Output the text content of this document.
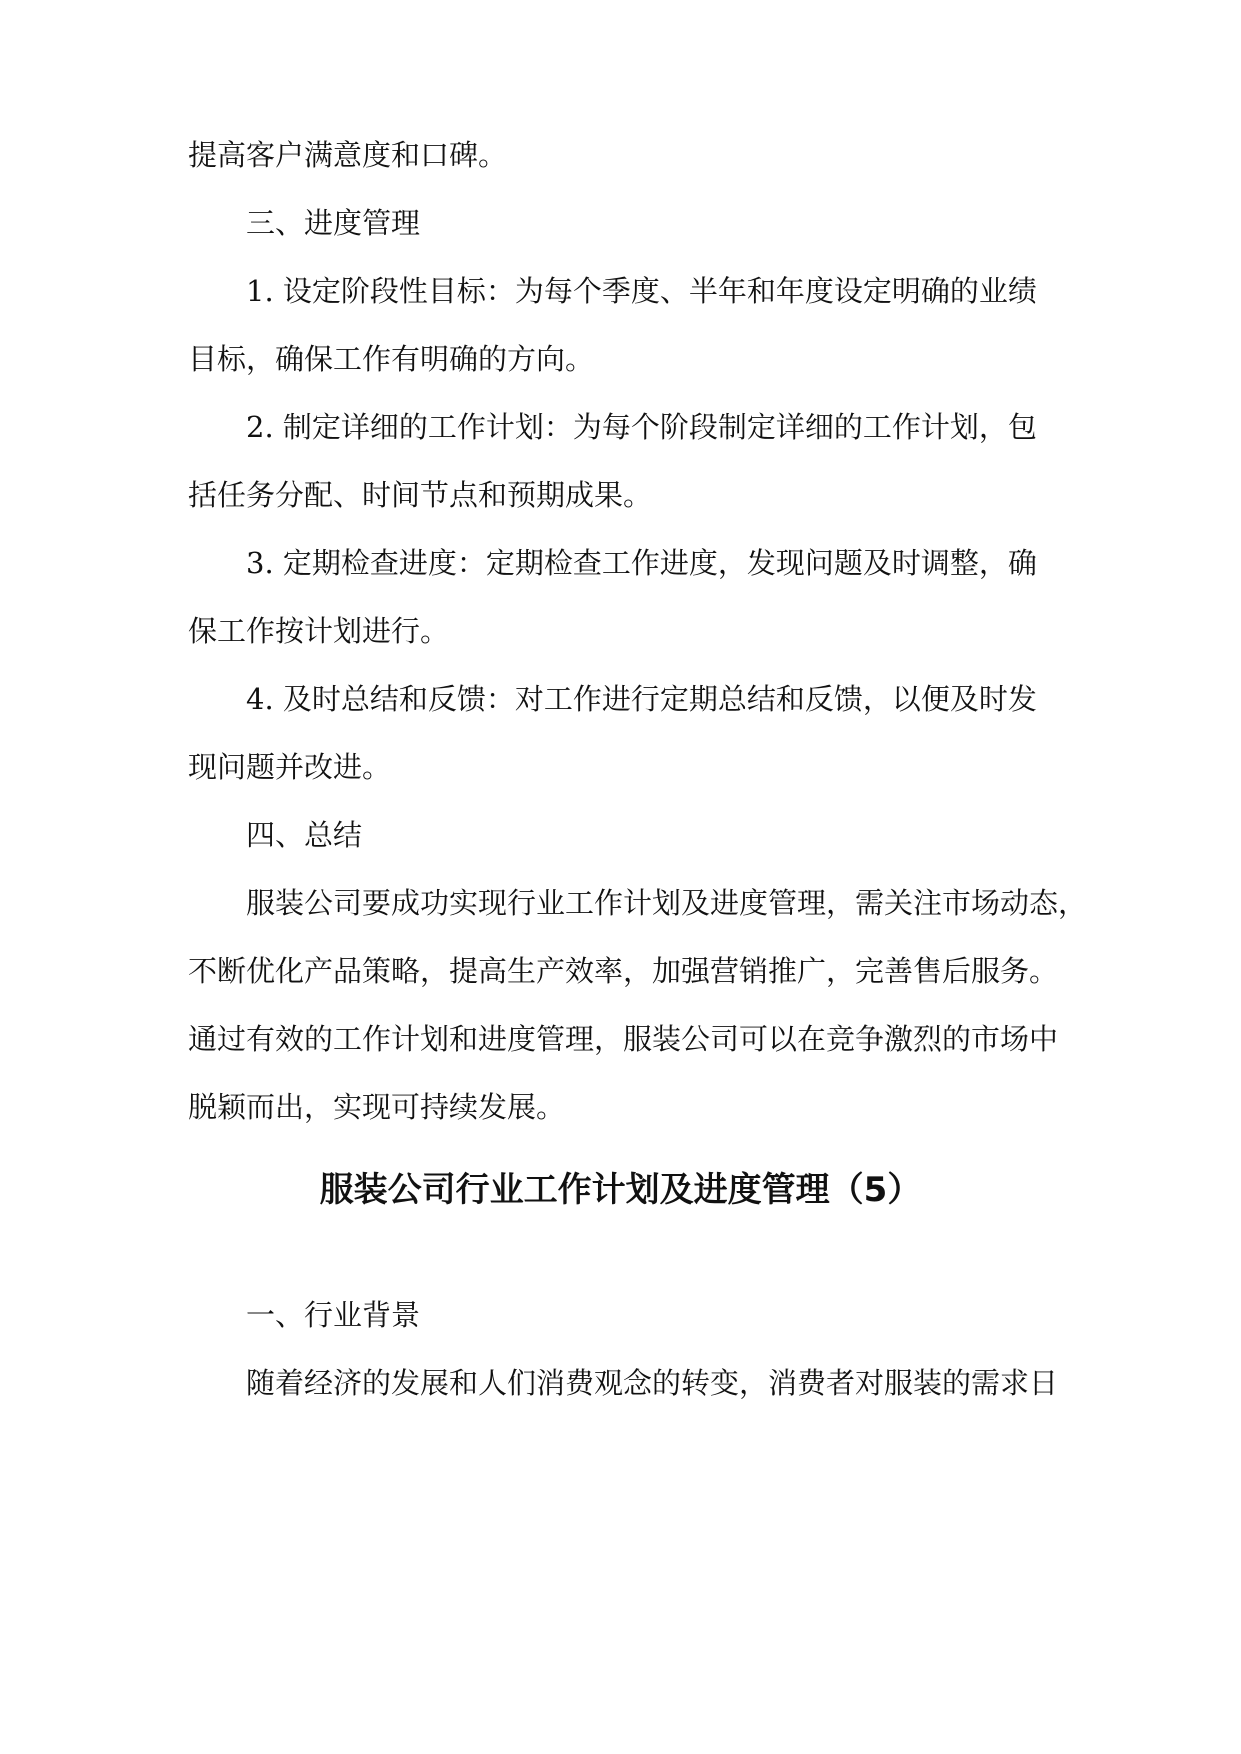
提高客户满意度和口碑。
三、进度管理
1. 设定阶段性目标：为每个季度、半年和年度设定明确的业绩
目标，确保工作有明确的方向。
2. 制定详细的工作计划：为每个阶段制定详细的工作计划，包
括任务分配、时间节点和预期成果。
3. 定期检查进度：定期检查工作进度，发现问题及时调整，确
保工作按计划进行。
4. 及时总结和反馈：对工作进行定期总结和反馈，以便及时发
现问题并改进。
四、总结
服装公司要成功实现行业工作计划及进度管理，需关注市场动态，
不断优化产品策略，提高生产效率，加强营销推广，完善售后服务。
通过有效的工作计划和进度管理，服装公司可以在竞争激烈的市场中
脱颖而出，实现可持续发展。
服装公司行业工作计划及进度管理（5）
一、行业背景
随着经济的发展和人们消费观念的转变，消费者对服装的需求日
